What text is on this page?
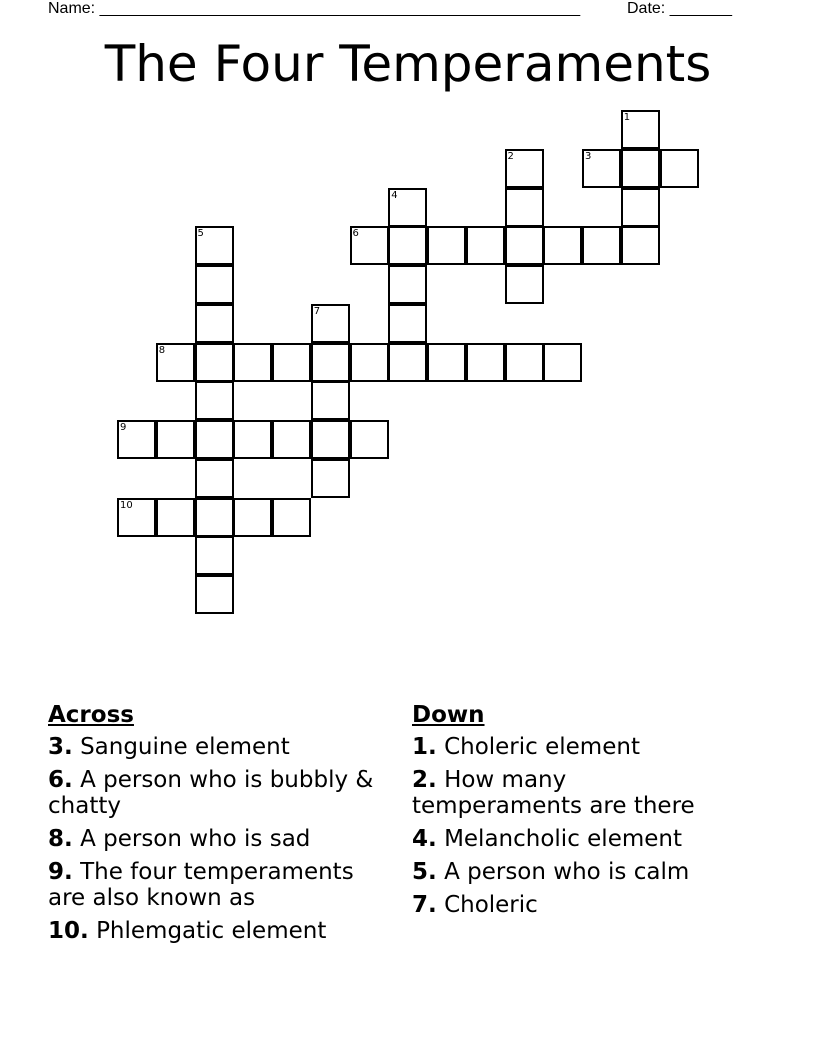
Name: ______________________________________________________	Date: _______
The Four Temperaments
1
2	3
4
5	6
7
8
9
10
Across
3. Sanguine element
6. A person who is bubbly & chatty
8. A person who is sad
9. The four temperaments are also known as
10. Phlemgatic element
Down
1. Choleric element
2. How many temperaments are there
4. Melancholic element
5. A person who is calm
7. Choleric
